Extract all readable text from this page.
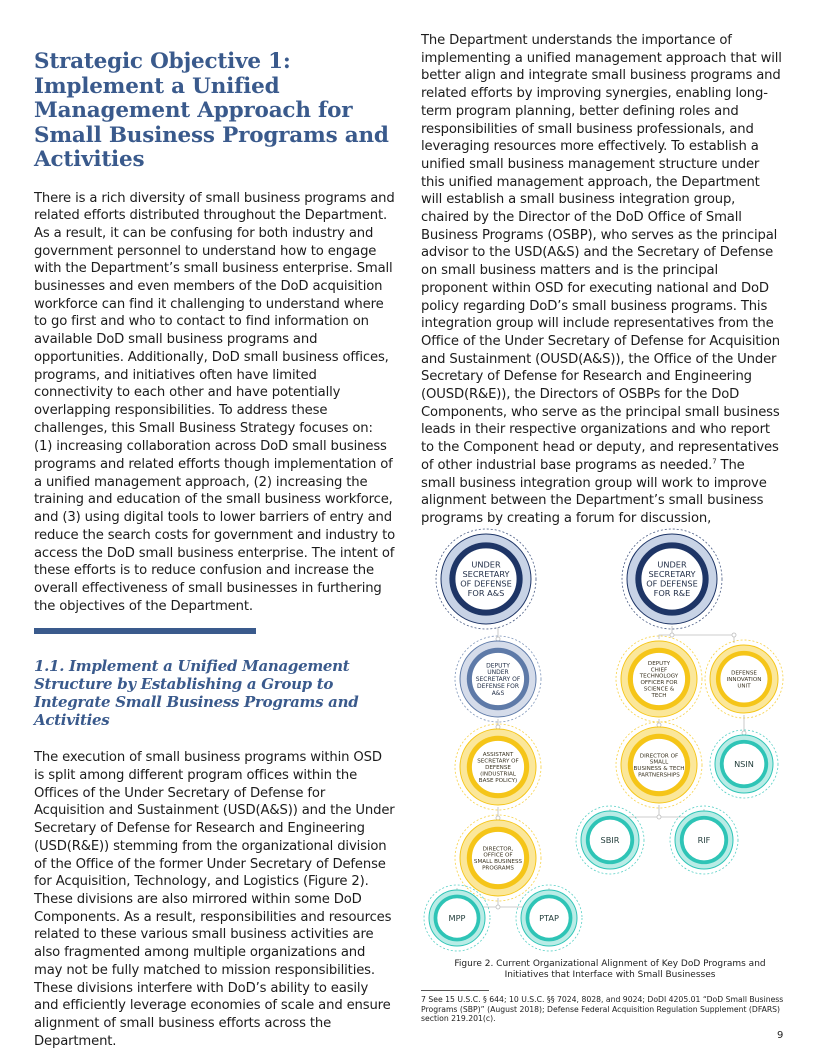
Strategic Objective 1: Implement a Unified Management Approach for Small Business Programs and Activities

There is a rich diversity of small business programs and related efforts distributed throughout the Department. As a result, it can be confusing for both industry and government personnel to understand how to engage with the Department’s small business enterprise. Small businesses and even members of the DoD acquisition workforce can find it challenging to understand where to go first and who to contact to find information on available DoD small business programs and opportunities. Additionally, DoD small business offices, programs, and initiatives often have limited connectivity to each other and have potentially overlapping responsibilities. To address these challenges, this Small Business Strategy focuses on:

(1) increasing collaboration across DoD small business programs and related efforts though implementation of a unified management approach, (2) increasing the training and education of the small business workforce, and (3) using digital tools to lower barriers of entry and reduce the search costs for government and industry to access the DoD small business enterprise. The intent of these efforts is to reduce confusion and increase the overall effectiveness of small businesses in furthering the objectives of the Department.

1.1. Implement a Unified Management Structure by Establishing a Group to Integrate Small Business Programs and Activities

The execution of small business programs within OSD is split among different program offices within the Offices of the Under Secretary of Defense for Acquisition and Sustainment (USD(A&S)) and the Under Secretary of Defense for Research and Engineering (USD(R&E)) stemming from the organizational division of the Office of the former Under Secretary of Defense for Acquisition, Technology, and Logistics (Figure 2). These divisions are also mirrored within some DoD Components. As a result, responsibilities and resources related to these various small business activities are also fragmented among multiple organizations and may not be fully matched to mission responsibilities. These divisions interfere with DoD’s ability to easily and efficiently leverage economies of scale and ensure alignment of small business efforts across the Department.

The Department understands the importance of implementing a unified management approach that will better align and integrate small business programs and related efforts by improving synergies, enabling long-term program planning, better defining roles and responsibilities of small business professionals, and leveraging resources more effectively. To establish a unified small business management structure under this unified management approach, the Department will establish a small business integration group, chaired by the Director of the DoD Office of Small Business Programs (OSBP), who serves as the principal advisor to the USD(A&S) and the Secretary of Defense on small business matters and is the principal proponent within OSD for executing national and DoD policy regarding DoD’s small business programs. This integration group will include representatives from the Office of the Under Secretary of Defense for Acquisition and Sustainment (OUSD(A&S)), the Office of the Under Secretary of Defense for Research and Engineering (OUSD(R&E)), the Directors of OSBPs for the DoD Components, who serve as the principal small business leads in their respective organizations and who report to the Component head or deputy, and representatives of other industrial base programs as needed.$^7$ The small business integration group will work to improve alignment between the Department’s small business programs by creating a forum for discussion,

UNDER SECRETARY OF DEFENSE FOR A&S
UNDER SECRETARY OF DEFENSE FOR R&E
DEPUTY UNDER SECRETARY OF DEFENSE FOR A&S
DEPUTY CHIEF TECHNOLOGY OFFICER FOR SCIENCE & TECH
DEFENSE INNOVATION UNIT
ASSISTANT SECRETARY OF DEFENSE (INDUSTRIAL BASE POLICY)
DIRECTOR OF SMALL BUSINESS & TECH PARTNERSHIPS
NSIN
DIRECTOR, OFFICE OF SMALL BUSINESS PROGRAMS
SBIR	RIF
MPP	PTAP
Figure 2. Current Organizational Alignment of Key DoD Programs and Initiatives that Interface with Small Businesses
7 See 15 U.S.C. § 644; 10 U.S.C. §§ 7024, 8028, and 9024; DoDI 4205.01 “DoD Small Business Programs (SBP)” (August 2018); Defense Federal Acquisition Regulation Supplement (DFARS) section 219.201(c).
9
